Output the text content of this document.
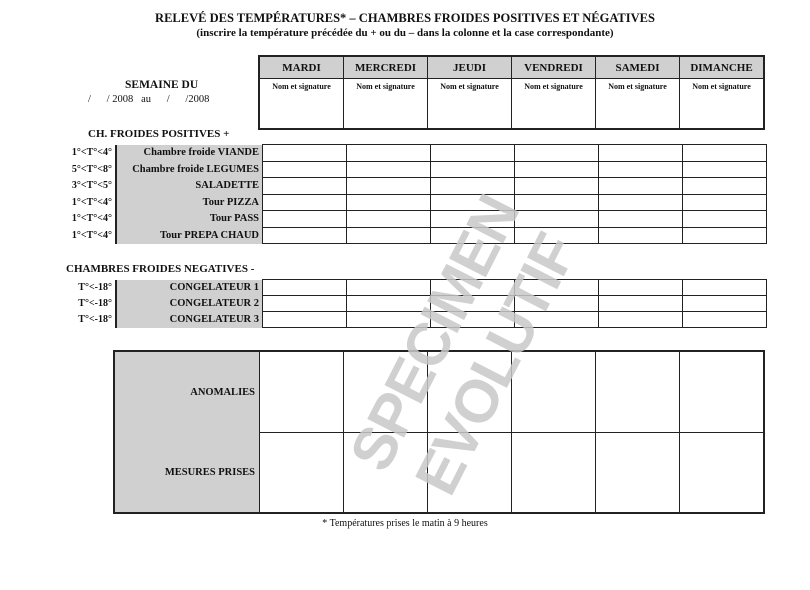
RELEVÉ DES TEMPÉRATURES* – CHAMBRES FROIDES POSITIVES ET NÉGATIVES
(inscrire la température précédée du + ou du – dans la colonne et la case correspondante)
SEMAINE DU
/      / 2008   au      /      /2008
MARDI	MERCREDI	JEUDI	VENDREDI	SAMEDI	DIMANCHE
Nom et signature	Nom et signature	Nom et signature	Nom et signature	Nom et signature	Nom et signature
CH. FROIDES POSITIVES +
1°<T°<4°	Chambre froide VIANDE						
5°<T°<8°	Chambre froide LEGUMES						
3°<T°<5°	SALADETTE						
1°<T°<4°	Tour PIZZA						
1°<T°<4°	Tour PASS						
1°<T°<4°	Tour PREPA CHAUD						
CHAMBRES FROIDES NEGATIVES -
T°<-18°	CONGELATEUR 1						
T°<-18°	CONGELATEUR 2						
T°<-18°	CONGELATEUR 3						
ANOMALIES						
MESURES PRISES						
* Températures prises le matin à 9 heures
SPECIMEN EVOLUTIF
